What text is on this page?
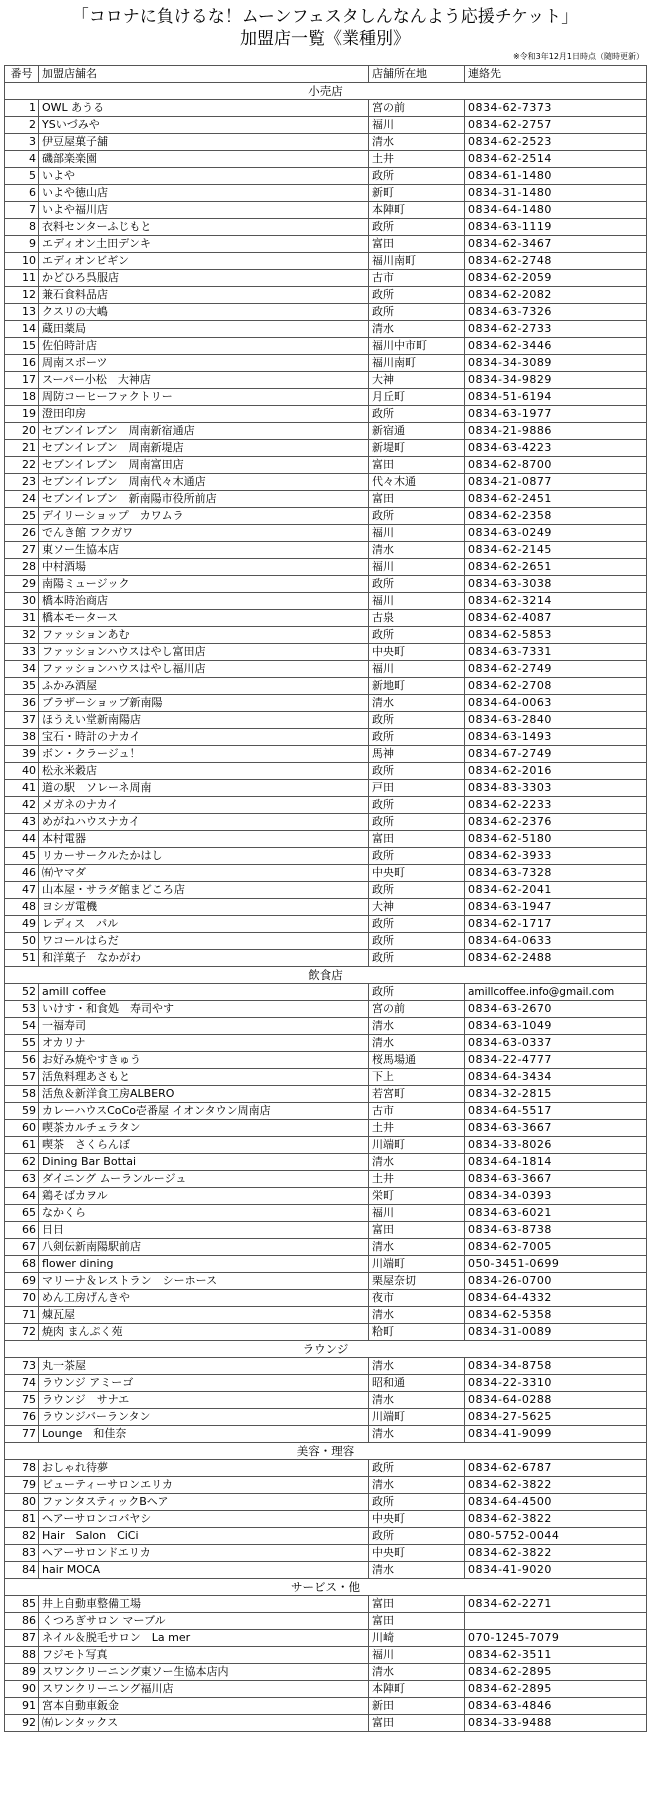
「コロナに負けるな！ムーンフェスタしんなんよう応援チケット」
加盟店一覧《業種別》
※令和3年12月1日時点（随時更新）
番号	加盟店舗名	店舗所在地	連絡先
小売店			
1	OWL あうる	宮の前	0834-62-7373
2	YSいづみや	福川	0834-62-2757
3	伊豆屋菓子舗	清水	0834-62-2523
4	磯部楽楽園	土井	0834-62-2514
5	いよや	政所	0834-61-1480
6	いよや徳山店	新町	0834-31-1480
7	いよや福川店	本陣町	0834-64-1480
8	衣料センターふじもと	政所	0834-63-1119
9	エディオン土田デンキ	富田	0834-62-3467
10	エディオンビギン	福川南町	0834-62-2748
11	かどひろ呉服店	古市	0834-62-2059
12	兼石食料品店	政所	0834-62-2082
13	クスリの大嶋	政所	0834-63-7326
14	蔵田薬局	清水	0834-62-2733
15	佐伯時計店	福川中市町	0834-62-3446
16	周南スポーツ	福川南町	0834-34-3089
17	スーパー小松　大神店	大神	0834-34-9829
18	周防コーヒーファクトリー	月丘町	0834-51-6194
19	澄田印房	政所	0834-63-1977
20	セブンイレブン　周南新宿通店	新宿通	0834-21-9886
21	セブンイレブン　周南新堤店	新堤町	0834-63-4223
22	セブンイレブン　周南富田店	富田	0834-62-8700
23	セブンイレブン　周南代々木通店	代々木通	0834-21-0877
24	セブンイレブン　新南陽市役所前店	富田	0834-62-2451
25	デイリーショップ　カワムラ	政所	0834-62-2358
26	でんき館 フクガワ	福川	0834-63-0249
27	東ソー生協本店	清水	0834-62-2145
28	中村酒場	福川	0834-62-2651
29	南陽ミュージック	政所	0834-63-3038
30	橋本時治商店	福川	0834-62-3214
31	橋本モータース	古泉	0834-62-4087
32	ファッションあむ	政所	0834-62-5853
33	ファッションハウスはやし富田店	中央町	0834-63-7331
34	ファッションハウスはやし福川店	福川	0834-62-2749
35	ふかみ酒屋	新地町	0834-62-2708
36	ブラザーショップ新南陽	清水	0834-64-0063
37	ほうえい堂新南陽店	政所	0834-63-2840
38	宝石・時計のナカイ	政所	0834-63-1493
39	ボン・クラージュ！	馬神	0834-67-2749
40	松永米穀店	政所	0834-62-2016
41	道の駅　ソレーネ周南	戸田	0834-83-3303
42	メガネのナカイ	政所	0834-62-2233
43	めがねハウスナカイ	政所	0834-62-2376
44	本村電器	富田	0834-62-5180
45	リカーサークルたかはし	政所	0834-62-3933
46	㈲ヤマダ	中央町	0834-63-7328
47	山本屋・サラダ館まどころ店	政所	0834-62-2041
48	ヨシガ電機	大神	0834-63-1947
49	レディス　パル	政所	0834-62-1717
50	ワコールはらだ	政所	0834-64-0633
51	和洋菓子　なかがわ	政所	0834-62-2488
飲食店			
52	amill coffee	政所	amillcoffee.info@gmail.com
53	いけす・和食処　寿司やす	宮の前	0834-63-2670
54	一福寿司	清水	0834-63-1049
55	オカリナ	清水	0834-63-0337
56	お好み焼やすきゅう	桜馬場通	0834-22-4777
57	活魚料理あさもと	下上	0834-64-3434
58	活魚＆新洋食工房ALBERO	若宮町	0834-32-2815
59	カレーハウスCoCo壱番屋 イオンタウン周南店	古市	0834-64-5517
60	喫茶カルチェラタン	土井	0834-63-3667
61	喫茶　さくらんぼ	川端町	0834-33-8026
62	Dining Bar Bottai	清水	0834-64-1814
63	ダイニング ムーランルージュ	土井	0834-63-3667
64	鶏そばカヲル	栄町	0834-34-0393
65	なかくら	福川	0834-63-6021
66	日日	富田	0834-63-8738
67	八剣伝新南陽駅前店	清水	0834-62-7005
68	flower dining	川端町	050-3451-0699
69	マリーナ＆レストラン　シーホース	栗屋奈切	0834-26-0700
70	めん工房げんきや	夜市	0834-64-4332
71	煉瓦屋	清水	0834-62-5358
72	焼肉 まんぷく苑	粭町	0834-31-0089
ラウンジ			
73	丸一茶屋	清水	0834-34-8758
74	ラウンジ アミーゴ	昭和通	0834-22-3310
75	ラウンジ　サナエ	清水	0834-64-0288
76	ラウンジバーランタン	川端町	0834-27-5625
77	Lounge　和佳奈	清水	0834-41-9099
美容・理容			
78	おしゃれ待夢	政所	0834-62-6787
79	ビューティーサロンエリカ	清水	0834-62-3822
80	ファンタスティックBヘア	政所	0834-64-4500
81	ヘアーサロンコバヤシ	中央町	0834-62-3822
82	Hair　Salon　CiCi	政所	080-5752-0044
83	ヘアーサロンドエリカ	中央町	0834-62-3822
84	hair MOCA	清水	0834-41-9020
サービス・他			
85	井上自動車整備工場	富田	0834-62-2271
86	くつろぎサロン マーブル	富田	
87	ネイル＆脱毛サロン　La mer	川崎	070-1245-7079
88	フジモト写真	福川	0834-62-3511
89	スワンクリーニング東ソー生協本店内	清水	0834-62-2895
90	スワンクリーニング福川店	本陣町	0834-62-2895
91	宮本自動車鈑金	新田	0834-63-4846
92	㈲レンタックス	富田	0834-33-9488
